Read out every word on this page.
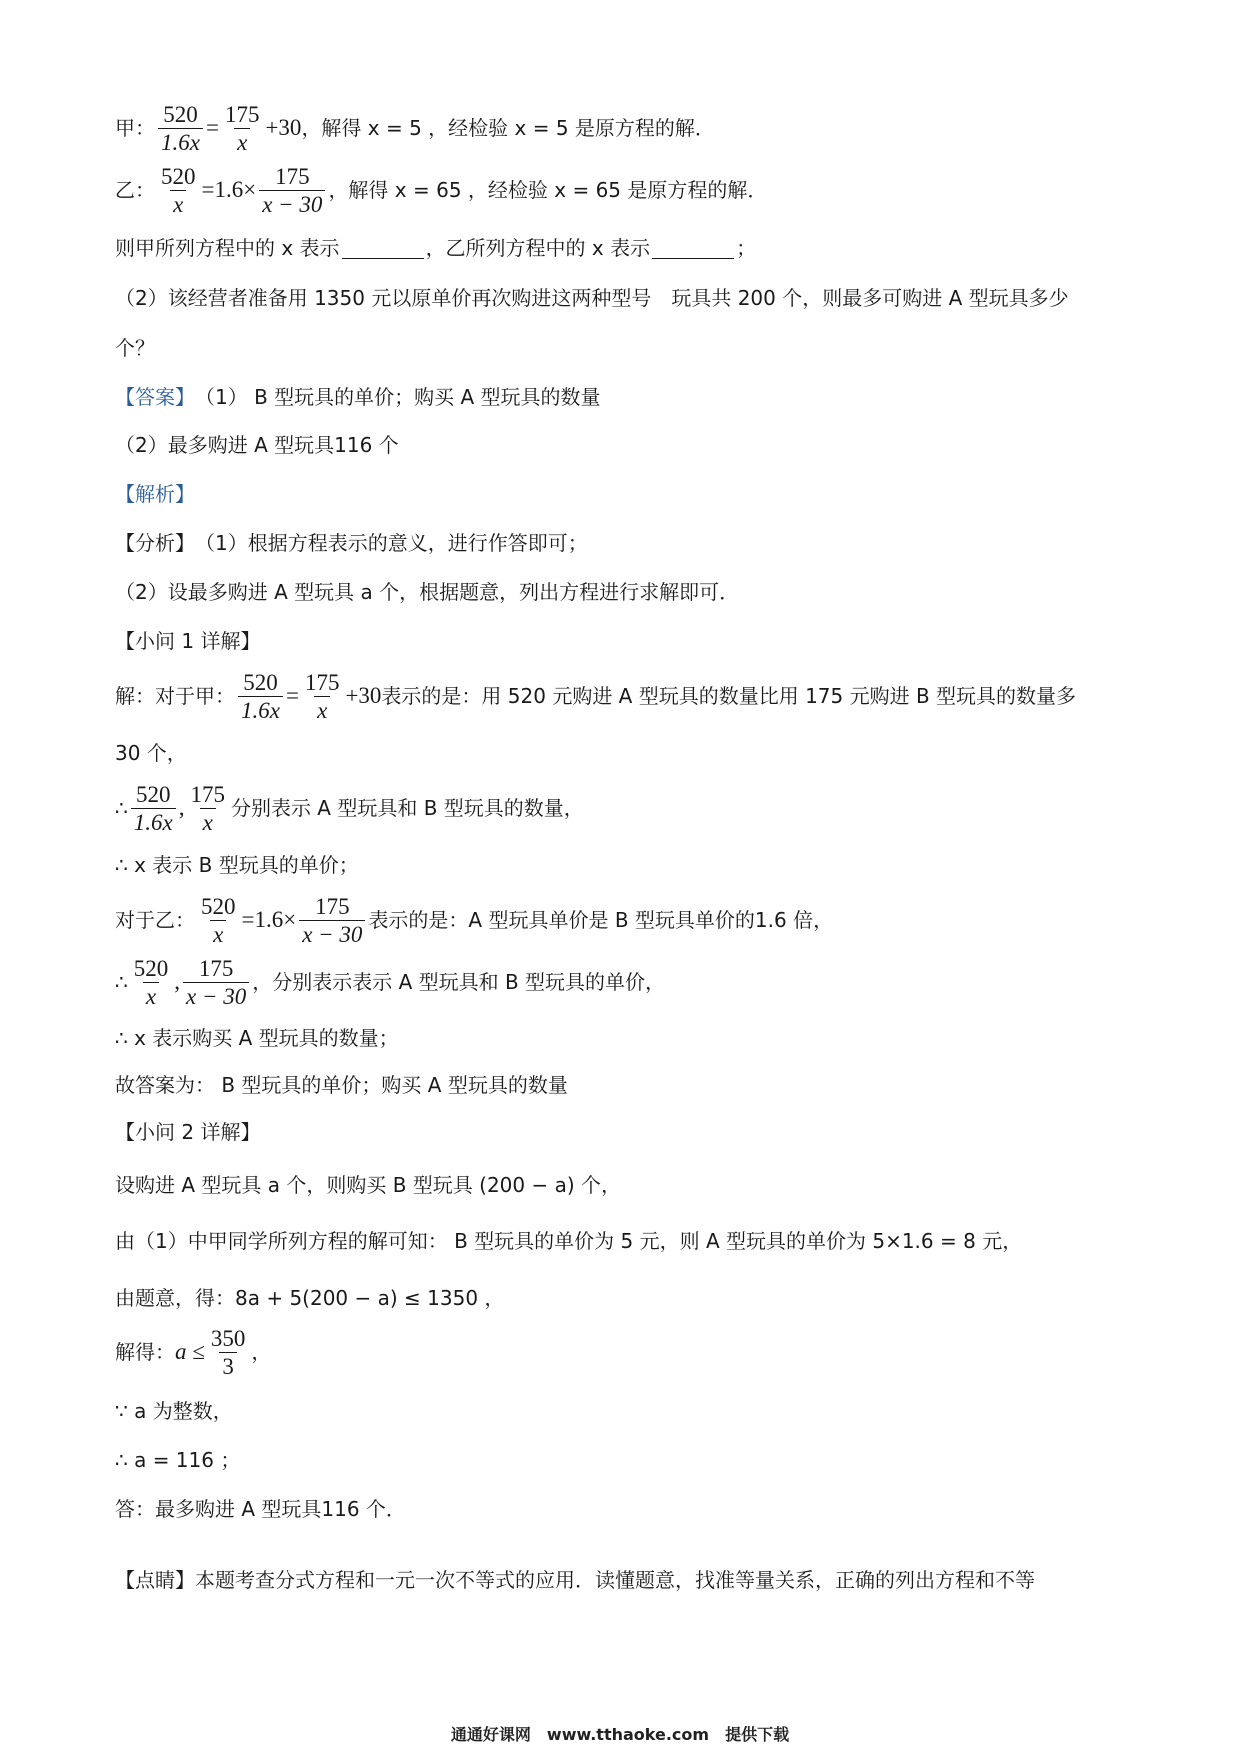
甲： $\frac{520}{1.6x} = \frac{175}{x} +30$ ，解得 x = 5 ，经检验 x = 5 是原方程的解．
乙： $\frac{520}{x} =1.6\times \frac{175}{x - 30}$ ，解得 x = 65 ，经检验 x = 65 是原方程的解．
则甲所列方程中的 x 表示	，乙所列方程中的 x 表示	；
（2）该经营者准备用 1350 元以原单价再次购进这两种型号　玩具共 200 个，则最多可购进 A 型玩具多少
个？
【答案】 （1） B 型玩具的单价；购买 A 型玩具的数量
（2）最多购进 A 型玩具116 个
【解析】
【分析】 （1）根据方程表示的意义，进行作答即可；
（2）设最多购进 A 型玩具 a 个，根据题意，列出方程进行求解即可．
【小问 1 详解】
解：对于甲： $\frac{520}{1.6x} = \frac{175}{x} +30$ 表示的是：用 520 元购进 A 型玩具的数量比用 175 元购进 B 型玩具的数量多
30 个，
∴ $\frac{520}{1.6x}$ , $\frac{175}{x}$ 分别表示 A 型玩具和 B 型玩具的数量，
∴ x 表示 B 型玩具的单价；
对于乙： $\frac{520}{x} =1.6\times \frac{175}{x - 30}$ 表示的是：A 型玩具单价是 B 型玩具单价的1.6 倍，
∴ $\frac{520}{x}$ , $\frac{175}{x - 30}$ ，分别表示表示 A 型玩具和 B 型玩具的单价，
∴ x 表示购买 A 型玩具的数量；
故答案为： B 型玩具的单价；购买 A 型玩具的数量
【小问 2 详解】
设购进 A 型玩具 a 个，则购买 B 型玩具 (200 − a) 个，
由（1）中甲同学所列方程的解可知： B 型玩具的单价为 5 元，则 A 型玩具的单价为 5×1.6 = 8 元，
由题意，得：8a + 5(200 − a) ≤ 1350 ，
解得： $a \le \frac{350}{3}$ ，
∵ a 为整数，
∴ a = 116 ；
答：最多购进 A 型玩具116 个．
【点睛】 本题考查分式方程和一元一次不等式的应用．读懂题意，找准等量关系，正确的列出方程和不等
通通好课网　www.tthaoke.com　提供下载
